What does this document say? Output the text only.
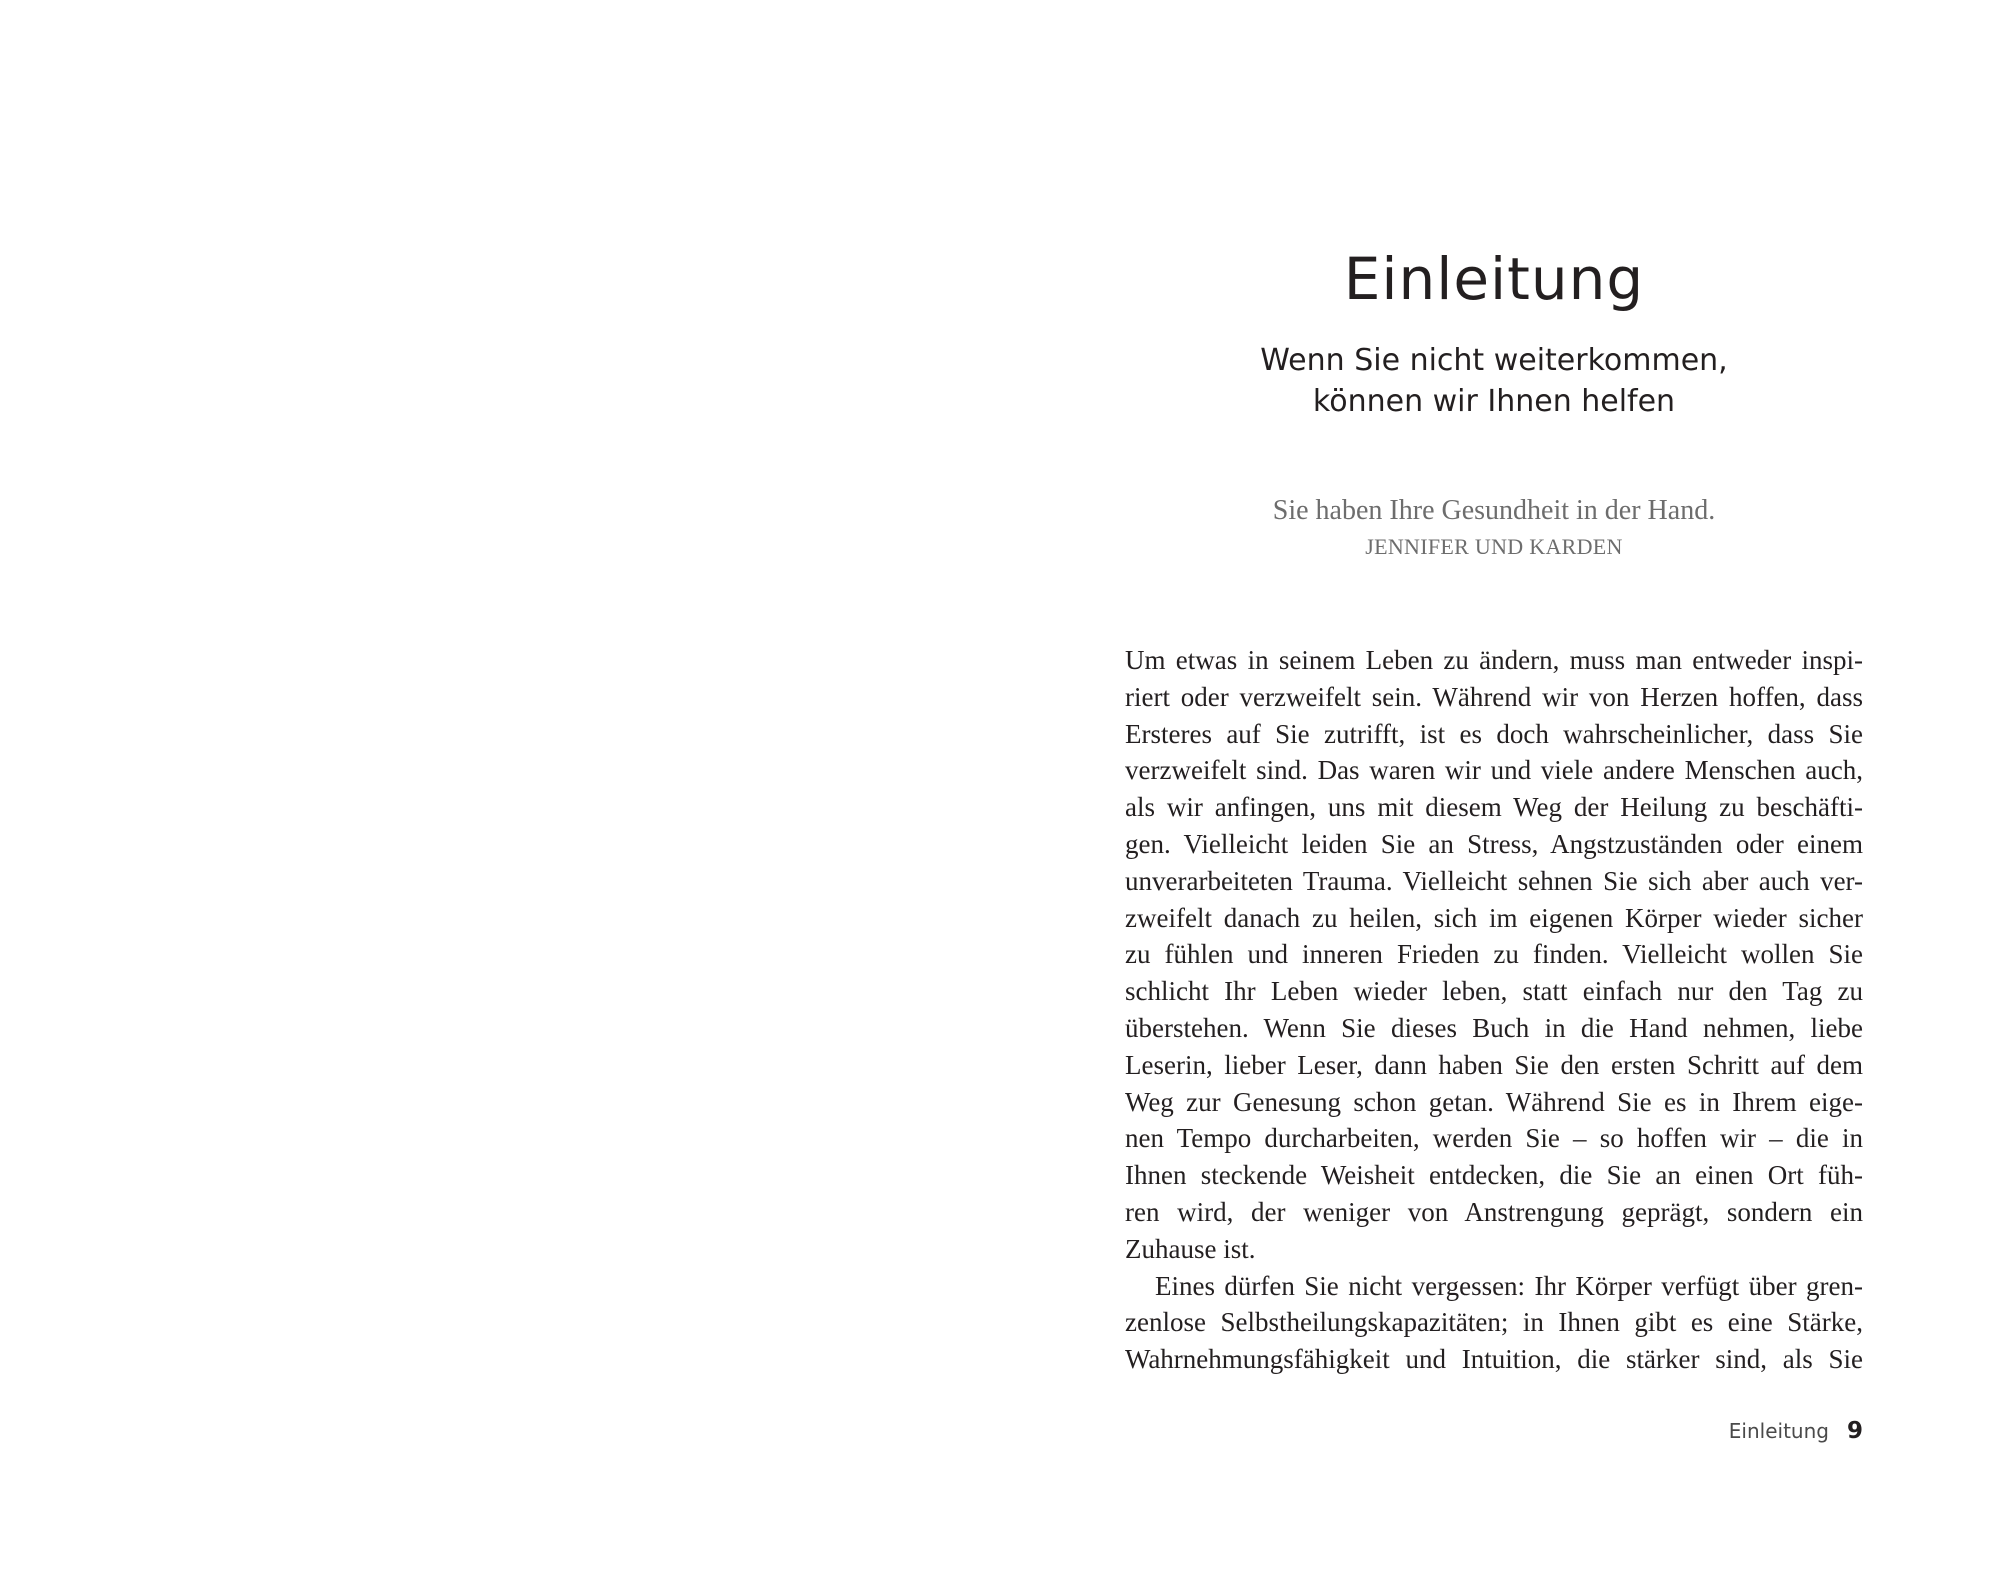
Einleitung
Wenn Sie nicht weiterkommen,
können wir Ihnen helfen

Sie haben Ihre Gesundheit in der Hand.

JENNIFER UND KARDEN

Um etwas in seinem Leben zu ändern, muss man entweder inspi-
riert oder verzweifelt sein. Während wir von Herzen hoffen, dass
Ersteres auf Sie zutrifft, ist es doch wahrscheinlicher, dass Sie
verzweifelt sind. Das waren wir und viele andere Menschen auch,
als wir anfingen, uns mit diesem Weg der Heilung zu beschäfti-
gen. Vielleicht leiden Sie an Stress, Angstzuständen oder einem
unverarbeiteten Trauma. Vielleicht sehnen Sie sich aber auch ver-
zweifelt danach zu heilen, sich im eigenen Körper wieder sicher
zu fühlen und inneren Frieden zu finden. Vielleicht wollen Sie
schlicht Ihr Leben wieder leben, statt einfach nur den Tag zu
überstehen. Wenn Sie dieses Buch in die Hand nehmen, liebe
Leserin, lieber Leser, dann haben Sie den ersten Schritt auf dem
Weg zur Genesung schon getan. Während Sie es in Ihrem eige-
nen Tempo durcharbeiten, werden Sie – so hoffen wir – die in
Ihnen steckende Weisheit entdecken, die Sie an einen Ort füh-
ren wird, der weniger von Anstrengung geprägt, sondern ein
Zuhause ist.

Eines dürfen Sie nicht vergessen: Ihr Körper verfügt über gren-
zenlose Selbstheilungskapazitäten; in Ihnen gibt es eine Stärke,
Wahrnehmungsfähigkeit und Intuition, die stärker sind, als Sie

Einleitung 9
